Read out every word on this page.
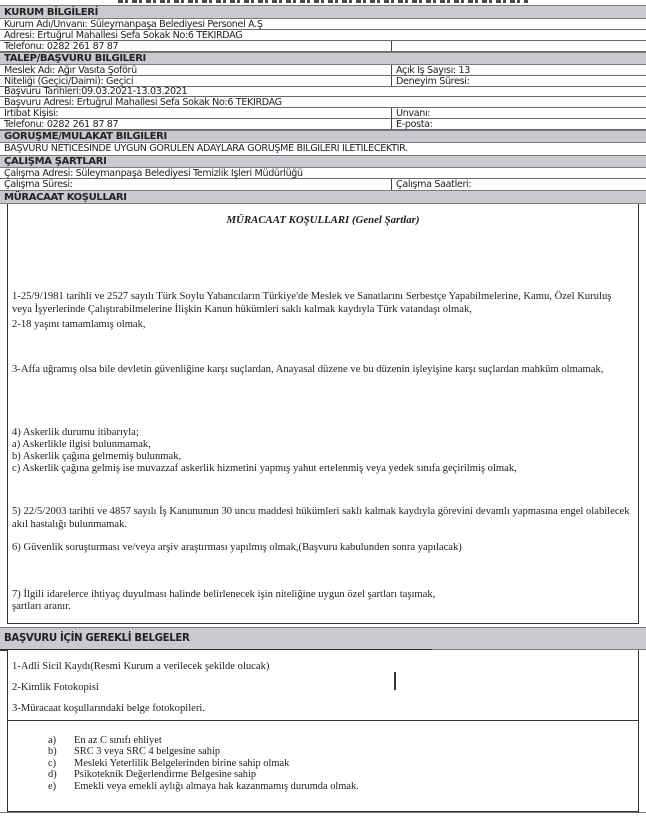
KURUM BİLGİLERİ
Kurum Adı/Unvanı: Süleymanpaşa Belediyesi Personel A.Ş
Adresi: Ertuğrul Mahallesi Sefa Sokak No:6 TEKİRDAĞ
Telefonu: 0282 261 87 87
TALEP/BAŞVURU BİLGİLERİ
Meslek Adı: Ağır Vasıta Şoförü	Açık İş Sayısı: 13
Niteliği (Geçici/Daimi): Geçici	Deneyim Süresi:
Başvuru Tarihleri:09.03.2021-13.03.2021
Başvuru Adresi: Ertuğrul Mahallesi Sefa Sokak No:6 TEKİRDAĞ
İrtibat Kişisi:	Unvanı:
Telefonu: 0282 261 87 87	E-posta:
GÖRÜŞME/MÜLAKAT BİLGİLERİ
BAŞVURU NETİCESİNDE UYGUN GÖRÜLEN ADAYLARA GÖRÜŞME BİLGİLERİ İLETİLECEKTİR.
ÇALIŞMA ŞARTLARI
Çalışma Adresi: Süleymanpaşa Belediyesi Temizlik İşleri Müdürlüğü
Çalışma Süresi:	Çalışma Saatleri:
MÜRACAAT KOŞULLARI

MÜRACAAT KOŞULLARI (Genel Şartlar)

1-25/9/1981 tarihli ve 2527 sayılı Türk Soylu Yabancıların Türkiye'de Meslek ve Sanatlarını Serbestçe Yapabilmelerine, Kamu, Özel Kuruluş veya İşyerlerinde Çalıştırabilmelerine İlişkin Kanun hükümleri saklı kalmak kaydıyla Türk vatandaşı olmak,

2-18 yaşını tamamlamış olmak,

3-Affa uğramış olsa bile devletin güvenliğine karşı suçlardan, Anayasal düzene ve bu düzenin işleyişine karşı suçlardan mahküm olmamak,

4) Askerlik durumu itibarıyla;

a) Askerlikle ilgisi bulunmamak,

b) Askerlik çağına gelmemiş bulunmak,

c) Askerlik çağına gelmiş ise muvazzaf askerlik hizmetini yapmış yahut ertelenmiş veya yedek sınıfa geçirilmiş olmak,

5) 22/5/2003 tarihti ve 4857 sayılı İş Kanununun 30 uncu maddesi hükümleri saklı kalmak kaydıyla görevini devamlı yapmasına engel olabilecek akıl hastalığı bulunmamak.

6) Güvenlik soruşturması ve/veya arşiv araştırması yapılmış olmak,(Başvuru kabulunden sonra yapılacak)

7) İlgili idarelerce ihtiyaç duyulması halinde belirlenecek işin niteliğine uygun özel şartları taşımak,

şartları aranır.

BAŞVURU İÇİN GEREKLİ BELGELER

1-Adli Sicil Kaydı(Resmi Kurum a verilecek şekilde olucak)

2-Kimlik Fotokopisi

3-Müracaat koşullarındaki belge fotokopileri.

a)	En az C sınıfı ehliyet
b)	SRC 3 veya SRC 4 belgesine sahip
c)	Mesleki Yeterlilik Belgelerinden birine sahip olmak
d)	Psikoteknik Değerlendirme Belgesine sahip
e)	Emekli veya emekli aylığı almaya hak kazanmamış durumda olmak.
